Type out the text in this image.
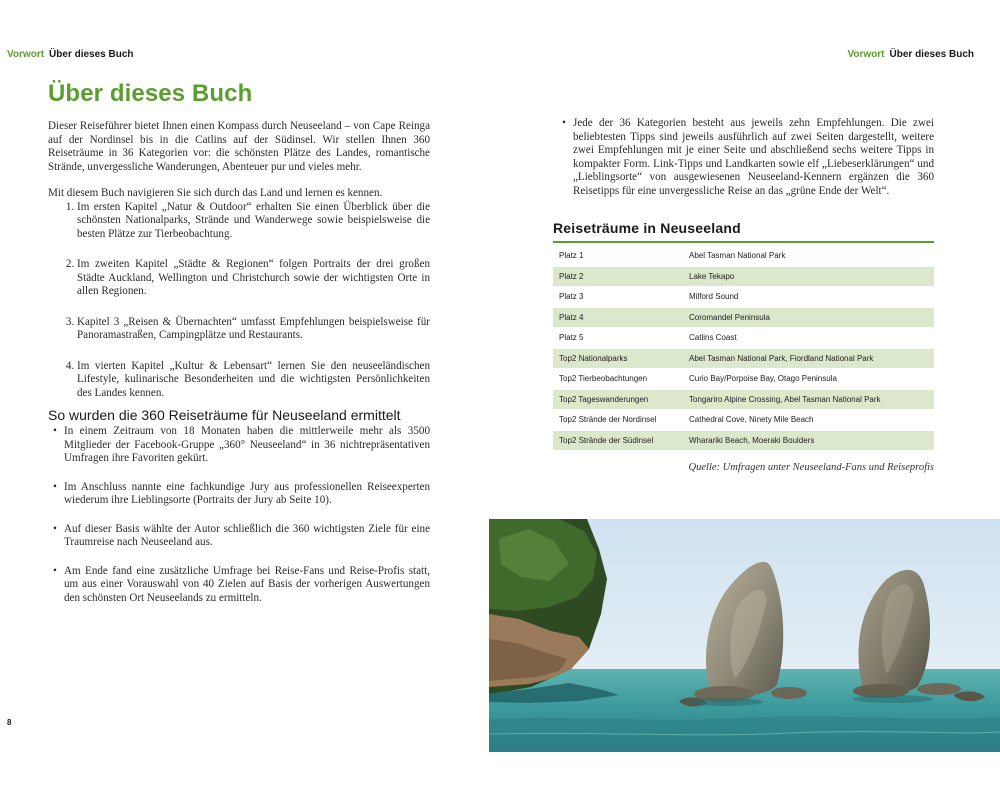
Vorwort Über dieses Buch	Vorwort Über dieses Buch
Über dieses Buch

Dieser Reiseführer bietet Ihnen einen Kompass durch Neuseeland – von Cape Reinga auf der Nordinsel bis in die Catlins auf der Südinsel. Wir stellen Ihnen 360 Reiseträume in 36 Kategorien vor: die schönsten Plätze des Landes, romantische Strände, unvergessliche Wanderungen, Abenteuer pur und vieles mehr.

Mit diesem Buch navigieren Sie sich durch das Land und lernen es kennen.

1. Im ersten Kapitel „Natur & Outdoor“ erhalten Sie einen Überblick über die schönsten Nationalparks, Strände und Wanderwege sowie beispielsweise die besten Plätze zur Tierbeobachtung.
2. Im zweiten Kapitel „Städte & Regionen“ folgen Portraits der drei großen Städte Auckland, Wellington und Christchurch sowie der wichtigsten Orte in allen Regionen.
3. Kapitel 3 „Reisen & Übernachten“ umfasst Empfehlungen beispielsweise für Panoramastraßen, Campingplätze und Restaurants.
4. Im vierten Kapitel „Kultur & Lebensart“ lernen Sie den neuseeländischen Lifestyle, kulinarische Besonderheiten und die wichtigsten Persönlichkeiten des Landes kennen.
So wurden die 360 Reiseträume für Neuseeland ermittelt
• In einem Zeitraum von 18 Monaten haben die mittlerweile mehr als 3500 Mitglieder der Facebook-Gruppe „360° Neuseeland“ in 36 nichtrepräsentativen Umfragen ihre Favoriten gekürt.
• Im Anschluss nannte eine fachkundige Jury aus professionellen Reiseexperten wiederum ihre Lieblingsorte (Portraits der Jury ab Seite 10).
• Auf dieser Basis wählte der Autor schließlich die 360 wichtigsten Ziele für eine Traumreise nach Neuseeland aus.
• Am Ende fand eine zusätzliche Umfrage bei Reise-Fans und Reise-Profis statt, um aus einer Vorauswahl von 40 Zielen auf Basis der vorherigen Auswertungen den schönsten Ort Neuseelands zu ermitteln.
• Jede der 36 Kategorien besteht aus jeweils zehn Empfehlungen. Die zwei beliebtesten Tipps sind jeweils ausführlich auf zwei Seiten dargestellt, weitere zwei Empfehlungen mit je einer Seite und abschließend sechs weitere Tipps in kompakter Form. Link-Tipps und Landkarten sowie elf „Liebeserklärungen“ und „Lieblingsorte“ von ausgewiesenen Neuseeland-Kennern ergänzen die 360 Reisetipps für eine unvergessliche Reise an das „grüne Ende der Welt“.
Reiseträume in Neuseeland
Platz 1	Abel Tasman National Park
Platz 2	Lake Tekapo
Platz 3	Milford Sound
Platz 4	Coromandel Peninsula
Platz 5	Catlins Coast
Top2 Nationalparks	Abel Tasman National Park, Fiordland National Park
Top2 Tierbeobachtungen	Curio Bay/Porpoise Bay, Otago Peninsula
Top2 Tageswanderungen	Tongariro Alpine Crossing, Abel Tasman National Park
Top2 Strände der Nordinsel	Cathedral Cove, Ninety Mile Beach
Top2 Strände der Südinsel	Wharariki Beach, Moeraki Boulders
Quelle: Umfragen unter Neuseeland-Fans und Reiseprofis
8
